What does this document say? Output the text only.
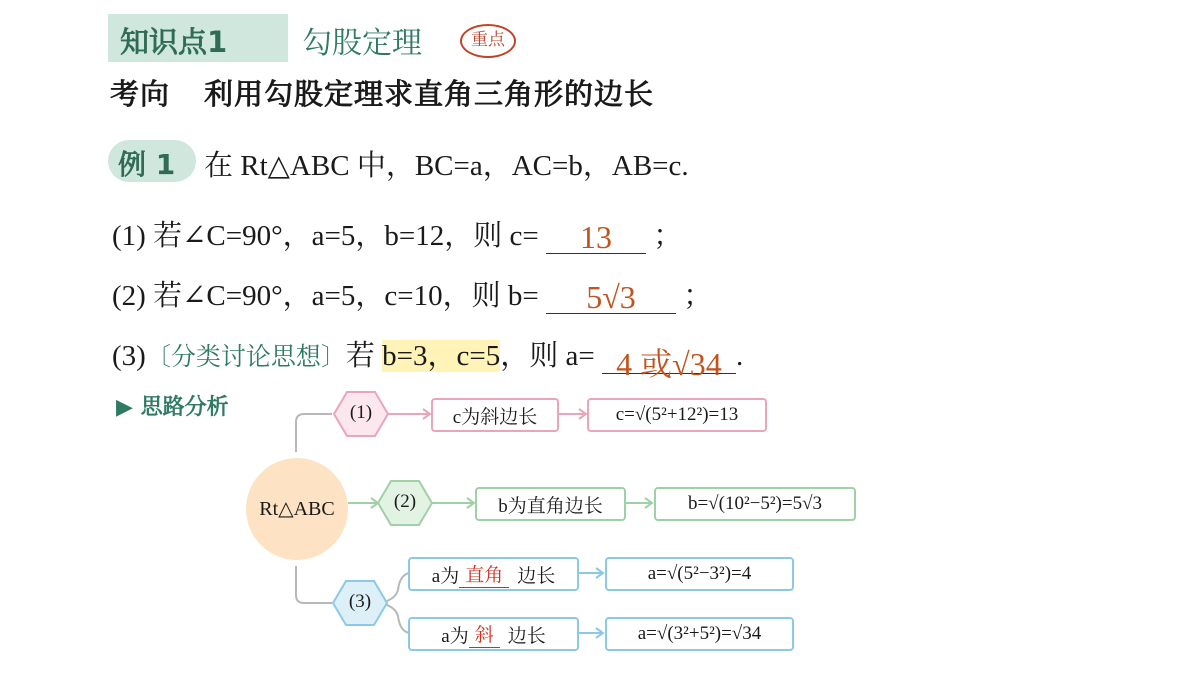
知识点1 勾股定理	重点
考向 利用勾股定理求直角三角形的边长
例 1 在 Rt△ABC 中，BC=a，AC=b，AB=c.
(1) 若∠C=90°，a=5，b=12，则 c= 13 ；
(2) 若∠C=90°，a=5，c=10，则 b= 5√3 ；
(3)〔分类讨论思想〕若 b=3，c=5，则 a= 4 或√34 .
▶ 思路分析
Rt△ABC
(1)
(2)
(3)
c为斜边长	c=√(5²+12²)=13
b为直角边长	b=√(10²−5²)=5√3
a为 直角 边长	a=√(5²−3²)=4
a为 斜 边长	a=√(3²+5²)=√34
